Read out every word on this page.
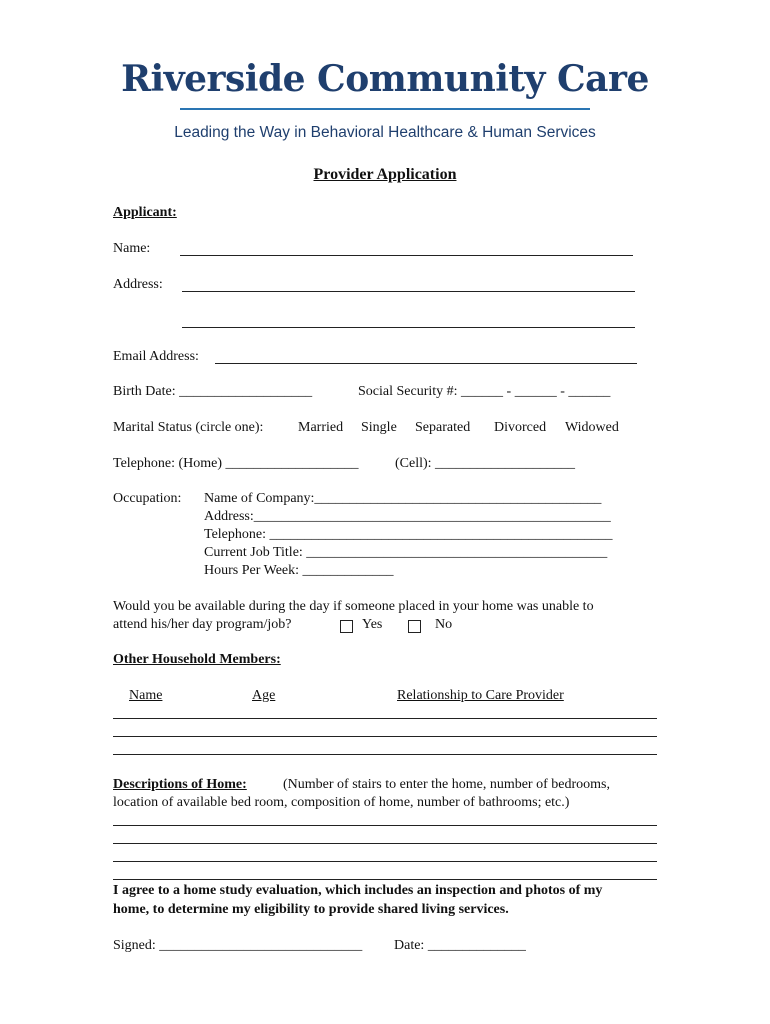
Riverside Community Care
Leading the Way in Behavioral Healthcare & Human Services
Provider Application
Applicant:
Name:
Address:
Email Address:
Birth Date: ___________________	Social Security #: ______ - ______ - ______
Marital Status (circle one): Married Single Separated Divorced Widowed
Telephone: (Home) ___________________	(Cell): ____________________
Occupation: Name of Company:_________________________________________
Address:___________________________________________________
Telephone: _________________________________________________
Current Job Title: ___________________________________________
Hours Per Week: _____________
Would you be available during the day if someone placed in your home was unable to
attend his/her day program/job?	Yes	No
Other Household Members:
Name	Age	Relationship to Care Provider
Descriptions of Home:	(Number of stairs to enter the home, number of bedrooms,
location of available bed room, composition of home, number of bathrooms; etc.)
I agree to a home study evaluation, which includes an inspection and photos of my
home, to determine my eligibility to provide shared living services.
Signed: _____________________________ Date: ______________
